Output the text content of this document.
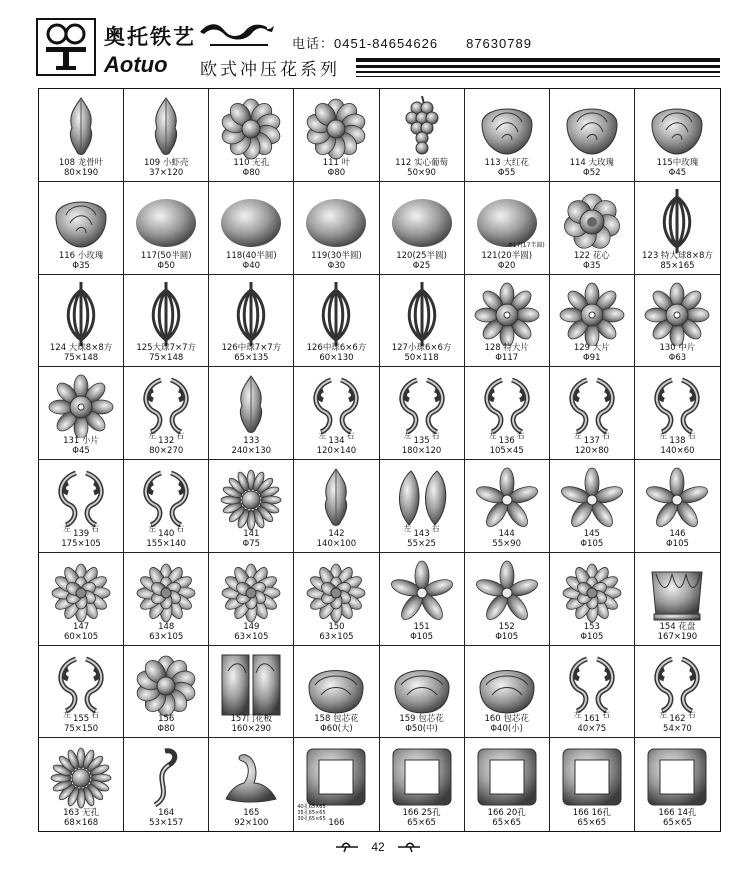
奥托铁艺	电话：0451-84654626　　87630789
Aotuo 欧式冲压花系列
108 龙骨叶
80×190
109 小虾壳
37×120
110 无孔
Φ80
111 叶
Φ80
112 实心葡萄
50×90
113 大红花
Φ55
114 大玫瑰
Φ52
115中玫瑰
Φ45
116 小玫瑰
Φ35
117(50半圆)
Φ50
118(40半圆)
Φ40
119(30半圆)
Φ30
120(25半圆)
Φ25
Φ17(17半圆)
121(20半圆)
Φ20
122 花心
Φ35
123 特大球8×8方
85×165
124 大球8×8方
75×148
125大球7×7方
75×148
126中球7×7方
65×135
126中球6×6方
60×130
127小球6×6方
50×118
128 特大片
Φ117
129 大片
Φ91
130 中片
Φ63
131 小片
Φ45
左	右
132
80×270
133
240×130
左	右
134
120×140
左	右
135
180×120
左	右
136
105×45
左	右
137
120×80
左	右
138
140×60
左	右
139
175×105
左	右
140
155×140
141
Φ75
142
140×100
左	右
143
55×25
144
55×90
145
Φ105
146
Φ105
147
60×105
148
63×105
149
63×105
150
63×105
151
Φ105
152
Φ105
153
Φ105
154 花盘
167×190
左	右
155
75×150
156
Φ80
157门花板
160×290
158 包芯花
Φ60(大)
159 包芯花
Φ50(中)
160 包芯花
Φ40(小)
左	右
161
40×75
左	右
162
54×70
163 无孔
68×168
164
53×157
165
92×100
40孔65×65
35孔65×65
30孔65×65 166
166 25孔
65×65
166 20孔
65×65
166 16孔
65×65
166 14孔
65×65
42
